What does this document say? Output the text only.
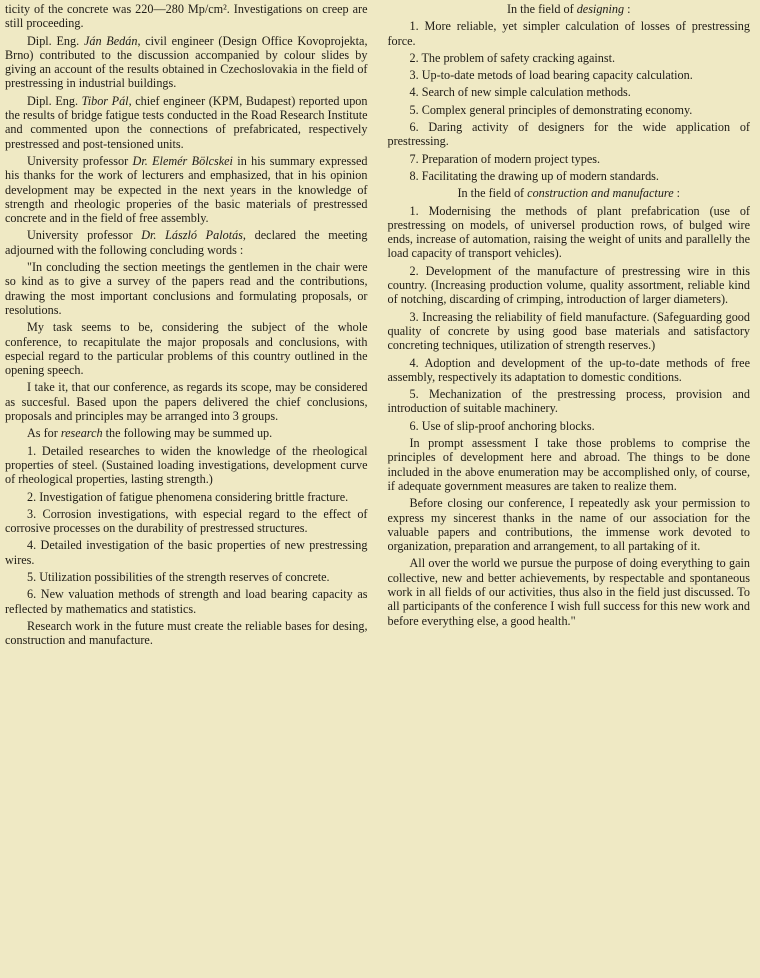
ticity of the concrete was 220—280 Mp/cm². Investigations on creep are still proceeding.

Dipl. Eng. Ján Bedán, civil engineer (Design Office Kovoprojekta, Brno) contributed to the discussion accompanied by colour slides by giving an account of the results obtained in Czechoslovakia in the field of prestressing in industrial buildings.

Dipl. Eng. Tibor Pál, chief engineer (KPM, Budapest) reported upon the results of bridge fatigue tests conducted in the Road Research Institute and commented upon the connections of prefabricated, respectively prestressed and post-tensioned units.

University professor Dr. Elemér Bölcskei in his summary expressed his thanks for the work of lecturers and emphasized, that in his opinion development may be expected in the next years in the knowledge of strength and rheologic properies of the basic materials of prestressed concrete and in the field of free assembly.

University professor Dr. László Palotás, declared the meeting adjourned with the following concluding words :

"In concluding the section meetings the gentlemen in the chair were so kind as to give a survey of the papers read and the contributions, drawing the most important conclusions and formulating proposals, or resolutions.

My task seems to be, considering the subject of the whole conference, to recapitulate the major proposals and conclusions, with especial regard to the particular problems of this country outlined in the opening speech.

I take it, that our conference, as regards its scope, may be considered as succesful. Based upon the papers delivered the chief conclusions, proposals and principles may be arranged into 3 groups.

As for research the following may be summed up.

1. Detailed researches to widen the knowledge of the rheological properties of steel. (Sustained loading investigations, development curve of rheological properties, lasting strength.)

2. Investigation of fatigue phenomena considering brittle fracture.

3. Corrosion investigations, with especial regard to the effect of corrosive processes on the durability of prestressed structures.

4. Detailed investigation of the basic properties of new prestressing wires.

5. Utilization possibilities of the strength reserves of concrete.

6. New valuation methods of strength and load bearing capacity as reflected by mathematics and statistics.

Research work in the future must create the reliable bases for desing, construction and manufacture.

In the field of designing :

1. More reliable, yet simpler calculation of losses of prestressing force.

2. The problem of safety cracking against.

3. Up-to-date metods of load bearing capacity calculation.

4. Search of new simple calculation methods.

5. Complex general principles of demonstrating economy.

6. Daring activity of designers for the wide application of prestressing.

7. Preparation of modern project types.

8. Facilitating the drawing up of modern standards.

In the field of construction and manufacture :

1. Modernising the methods of plant prefabrication (use of prestressing on models, of universel production rows, of bulged wire ends, increase of automation, raising the weight of units and parallelly the load capacity of transport vehicles).

2. Development of the manufacture of prestressing wire in this country. (Increasing production volume, quality assortment, reliable kind of notching, discarding of crimping, introduction of larger diameters).

3. Increasing the reliability of field manufacture. (Safeguarding good quality of concrete by using good base materials and satisfactory concreting techniques, utilization of strength reserves.)

4. Adoption and development of the up-to-date methods of free assembly, respectively its adaptation to domestic conditions.

5. Mechanization of the prestressing process, provision and introduction of suitable machinery.

6. Use of slip-proof anchoring blocks.

In prompt assessment I take those problems to comprise the principles of development here and abroad. The things to be done included in the above enumeration may be accomplished only, of course, if adequate government measures are taken to realize them.

Before closing our conference, I repeatedly ask your permission to express my sincerest thanks in the name of our association for the valuable papers and contributions, the immense work devoted to organization, preparation and arrangement, to all partaking of it.

All over the world we pursue the purpose of doing everything to gain collective, new and better achievements, by respectable and spontaneous work in all fields of our activities, thus also in the field just discussed. To all participants of the conference I wish full success for this new work and before everything else, a good health."
